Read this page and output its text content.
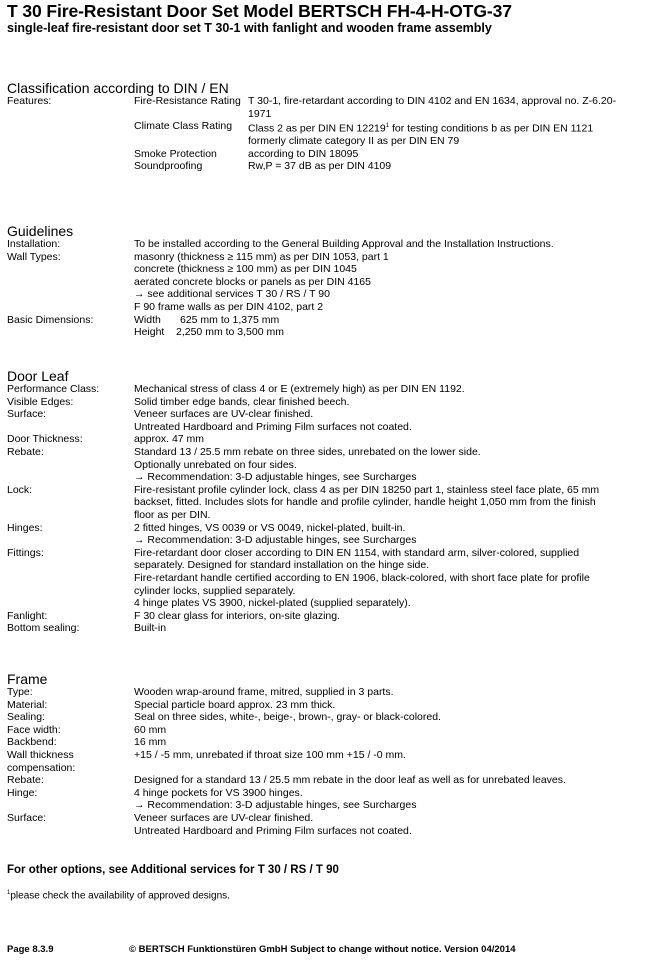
T 30 Fire-Resistant Door Set Model BERTSCH FH-4-H-OTG-37
single-leaf fire-resistant door set T 30-1 with fanlight and wooden frame assembly
Classification according to DIN / EN
Features:	Fire-Resistance Rating T 30-1, fire-retardant according to DIN 4102 and EN 1634, approval no. Z-6.20-
1971
Climate Class Rating	Class 2 as per DIN EN 12219$^1$ for testing conditions b as per DIN EN 1121
formerly climate category II as per DIN EN 79
Smoke Protection	according to DIN 18095
Soundproofing	Rw,P = 37 dB as per DIN 4109
Guidelines
Installation:	To be installed according to the General Building Approval and the Installation Instructions.
Wall Types:	masonry (thickness ≥ 115 mm) as per DIN 1053, part 1
concrete (thickness ≥ 100 mm) as per DIN 1045
aerated concrete blocks or panels as per DIN 4165
→ see additional services T 30 / RS / T 90
F 90 frame walls as per DIN 4102, part 2
Basic Dimensions:	Width	625 mm to 1,375 mm
Height	2,250 mm to 3,500 mm
Door Leaf
Performance Class:	Mechanical stress of class 4 or E (extremely high) as per DIN EN 1192.
Visible Edges:	Solid timber edge bands, clear finished beech.
Surface:	Veneer surfaces are UV-clear finished.
Untreated Hardboard and Priming Film surfaces not coated.
Door Thickness:	approx. 47 mm
Rebate:	Standard 13 / 25.5 mm rebate on three sides, unrebated on the lower side.
Optionally unrebated on four sides.
→ Recommendation: 3-D adjustable hinges, see Surcharges
Lock:	Fire-resistant profile cylinder lock, class 4 as per DIN 18250 part 1, stainless steel face plate, 65 mm
backset, fitted. Includes slots for handle and profile cylinder, handle height 1,050 mm from the finish
floor as per DIN.
Hinges:	2 fitted hinges, VS 0039 or VS 0049, nickel-plated, built-in.
→ Recommendation: 3-D adjustable hinges, see Surcharges
Fittings:	Fire-retardant door closer according to DIN EN 1154, with standard arm, silver-colored, supplied
separately. Designed for standard installation on the hinge side.
Fire-retardant handle certified according to EN 1906, black-colored, with short face plate for profile
cylinder locks, supplied separately.
4 hinge plates VS 3900, nickel-plated (supplied separately).
Fanlight:	F 30 clear glass for interiors, on-site glazing.
Bottom sealing:	Built-in
Frame
Type:	Wooden wrap-around frame, mitred, supplied in 3 parts.
Material:	Special particle board approx. 23 mm thick.
Sealing:	Seal on three sides, white-, beige-, brown-, gray- or black-colored.
Face width:	60 mm
Backbend:	16 mm
Wall thickness compensation:
+15 / -5 mm, unrebated if throat size 100 mm +15 / -0 mm.
Rebate:	Designed for a standard 13 / 25.5 mm rebate in the door leaf as well as for unrebated leaves.
Hinge:	4 hinge pockets for VS 3900 hinges.
→ Recommendation: 3-D adjustable hinges, see Surcharges
Surface:	Veneer surfaces are UV-clear finished.
Untreated Hardboard and Priming Film surfaces not coated.
For other options, see Additional services for T 30 / RS / T 90
$^1$please check the availability of approved designs.
Page 8.3.9	© BERTSCH Funktionstüren GmbH Subject to change without notice. Version 04/2014
